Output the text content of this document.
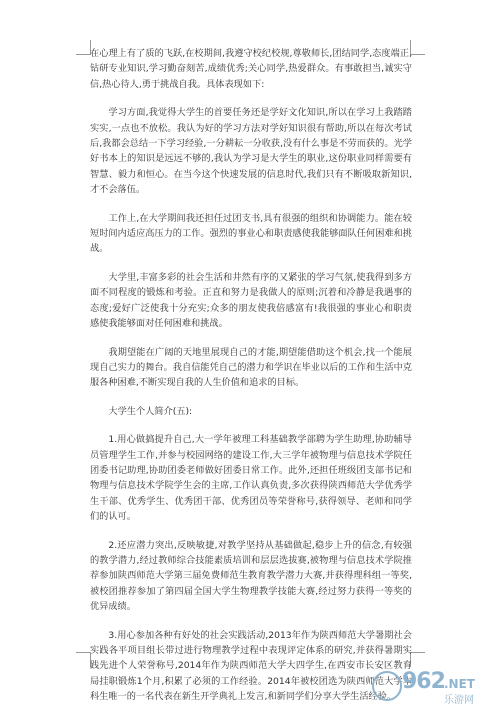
在心理上有了质的飞跃,在校期间,我遵守校纪校规,尊敬师长,团结同学,态度端正,钻研专业知识,学习勤奋刻苦,成绩优秀;关心同学,热爱群众。有事敢担当,诚实守信,热心待人,勇于挑战自我。具体表现如下:

学习方面,我觉得大学生的首要任务还是学好文化知识,所以在学习上我踏踏实实,一点也不放松。我认为好的学习方法对学好知识很有帮助,所以在每次考试后,我都会总结一下学习经验,一分耕耘一分收获,没有什么事是不劳而获的。光学好书本上的知识是远远不够的,我认为学习是大学生的职业,这份职业同样需要有智慧、毅力和恒心。在当今这个快速发展的信息时代,我们只有不断吸取新知识,才不会落伍。

工作上,在大学期间我还担任过团支书,具有很强的组织和协调能力。能在较短时间内适应高压力的工作。强烈的事业心和职责感使我能够面队任何困难和挑战。

大学里,丰富多彩的社会生活和井然有序的又紧张的学习气氛,使我得到多方面不同程度的锻炼和考验。正直和努力是我做人的原则;沉着和冷静是我遇事的态度;爱好广泛使我十分充实;众多的朋友使我倍感富有!我很强的事业心和职责感使我能够面对任何困难和挑战。

我期望能在广阔的天地里展现自己的才能,期望能借助这个机会,找一个能展现自己实力的舞台。我自信能凭自己的潜力和学识在毕业以后的工作和生活中克服各种困难,不断实现自我的人生价值和追求的目标。

大学生个人简介(五):

1.用心做搞提升自己,大一学年被理工科基础教学部聘为学生助理,协助辅导员管理学生工作,并参与校园网络的建设工作,大三学年被物理与信息技术学院任团委书记助理,协助团委老师做好团委日常工作。此外,还担任班级团支部书记和物理与信息技术学院学生会的主席,工作认真负责,多次获得陕西师范大学优秀学生干部、优秀学生、优秀团干部、优秀团员等荣誉称号,获得领导、老师和同学们的认可。

2.还应潜力突出,反映敏捷,对教学坚持从基础做起,稳步上升的信念,有较强的教学潜力,经过教师综合技能素质培训和层层选拔赛,被物理与信息技术学院推荐参加陕西师范大学第三届免费师范生教育教学潜力大赛,并获得理科组一等奖,被校团推荐参加了第四届全国大学生物理教学技能大赛,经过努力获得一等奖的优异成绩。

3.用心参加各种有好处的社会实践活动,2013年作为陕西师范大学暑期社会实践各平项目组长带过进行物理教学过程中表现评定体系的研究,并获得暑期实践先进个人荣誉称号,2014年作为陕西师范大学大四学生,在西安市长安区教育局挂职锻炼1个月,积累了必须的工作经验。2014年被校团选为陕西师范大学本科生唯一的一名代表在新生开学典礼上发言,和新同学们分享大学生活经验。

962 .NET
乐游网
